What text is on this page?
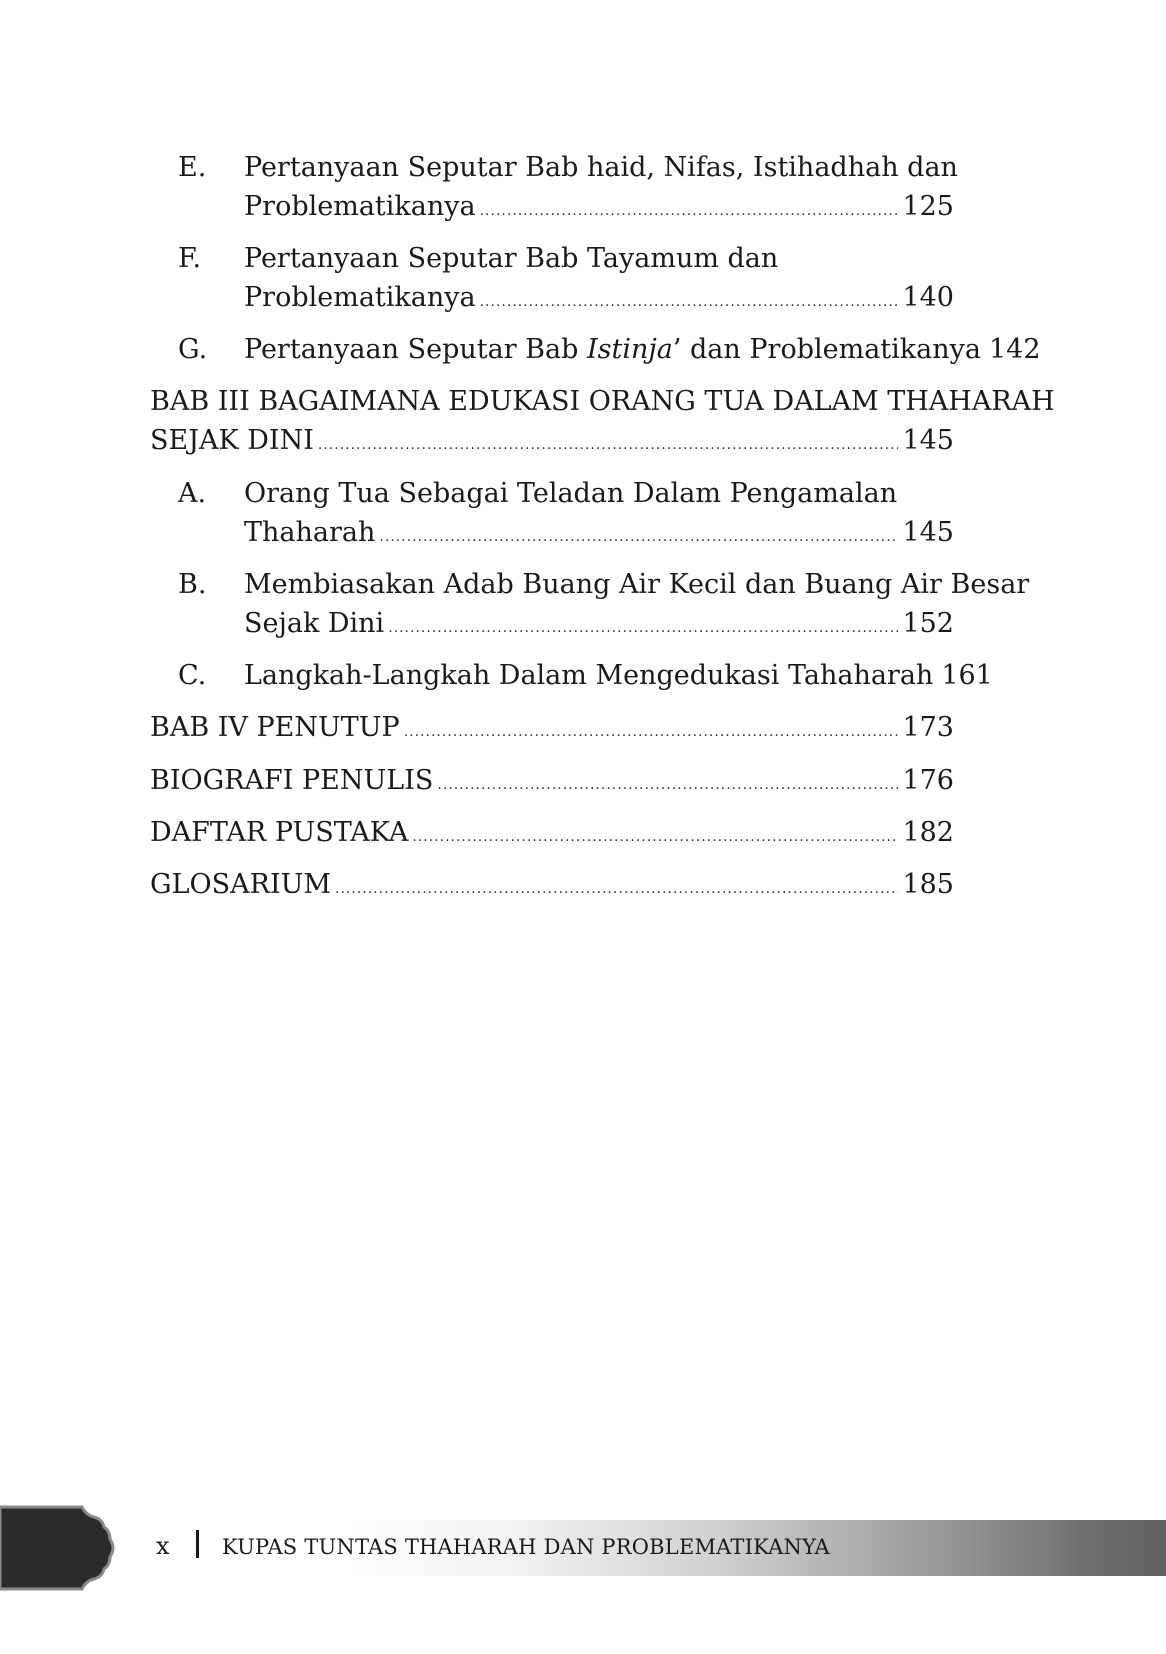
E. Pertanyaan Seputar Bab haid, Nifas, Istihadhah dan
Problematikanya .....	125
F. Pertanyaan Seputar Bab Tayamum dan
Problematikanya .....	140
G. Pertanyaan Seputar Bab Istinja’ dan Problematikanya 142
BAB III BAGAIMANA EDUKASI ORANG TUA DALAM THAHARAH
SEJAK DINI .....	145
A. Orang Tua Sebagai Teladan Dalam Pengamalan
Thaharah .....	145
B. Membiasakan Adab Buang Air Kecil dan Buang Air Besar
Sejak Dini .....	152
C. Langkah-Langkah Dalam Mengedukasi Tahaharah 161
BAB IV PENUTUP .....	173
BIOGRAFI PENULIS .....	176
DAFTAR PUSTAKA .....	182
GLOSARIUM .....	185
x KUPAS TUNTAS THAHARAH DAN PROBLEMATIKANYA
